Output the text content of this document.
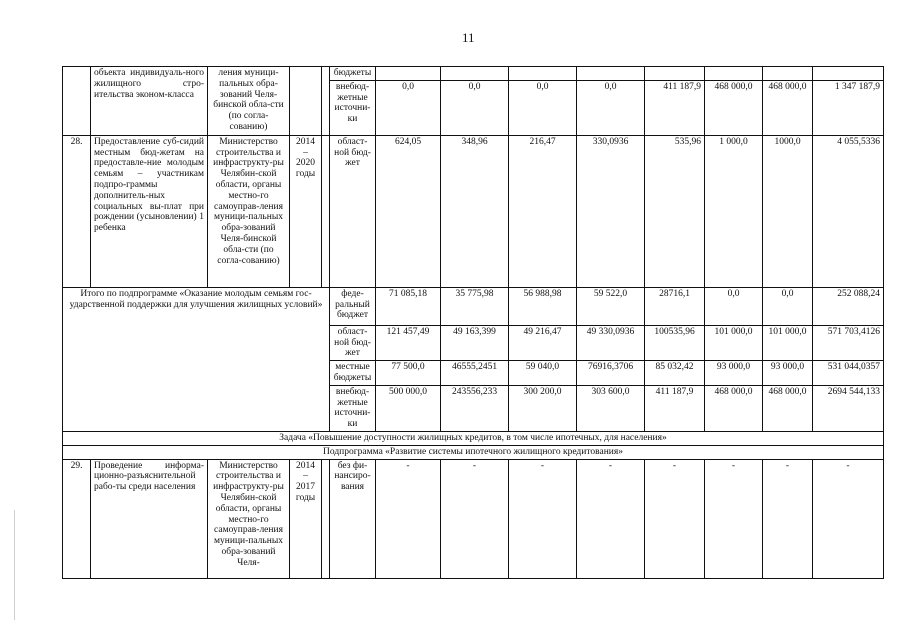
11
	объекта индивидуаль-ного жилищного стро-ительства эконом-класса	ления муници-пальных обра-зований Челя-бинской обла-сти (по согла-сованию)			бюджеты								
					внебюд-жетные источни-ки	0,0	0,0	0,0	0,0	411 187,9	468 000,0	468 000,0	1 347 187,9
28.	Предоставление суб-сидий местным бюд-жетам на предоставле-ние молодым семьям – участникам подпро-граммы дополнитель-ных социальных вы-плат при рождении (усыновлении) 1 ребенка	Министерство строительства и инфраструкту-ры Челябин-ской области, органы местно-го самоуправ-ления муници-пальных обра-зований Челя-бинской обла-сти (по согла-сованию)	2014 – 2020 годы		област-ной бюд-жет	624,05	348,96	216,47	330,0936	535,96	1 000,0	1000,0	4 055,5336
Итого по подпрограмме «Оказание молодым семьям гос-ударственной поддержки для улучшения жилищных условий»					феде-ральный бюджет	71 085,18	35 775,98	56 988,98	59 522,0	28716,1	0,0	0,0	252 088,24
					област-ной бюд-жет	121 457,49	49 163,399	49 216,47	49 330,0936	100535,96	101 000,0	101 000,0	571 703,4126
					местные бюджеты	77 500,0	46555,2451	59 040,0	76916,3706	85 032,42	93 000,0	93 000,0	531 044,0357
					внебюд-жетные источни-ки	500 000,0	243556,233	300 200,0	303 600,0	411 187,9	468 000,0	468 000,0	2694 544,133
Задача «Повышение доступности жилищных кредитов, в том числе ипотечных, для населения»													
Подпрограмма «Развитие системы ипотечного жилищного кредитования»													
29.	Проведение информа-ционно-разъяснительной рабо-ты среди населения	Министерство строительства и инфраструкту-ры Челябин-ской области, органы местно-го самоуправ-ления муници-пальных обра-зований Челя-	2014 – 2017 годы		без фи-нансиро-вания	-	-	-	-	-	-	-	-
